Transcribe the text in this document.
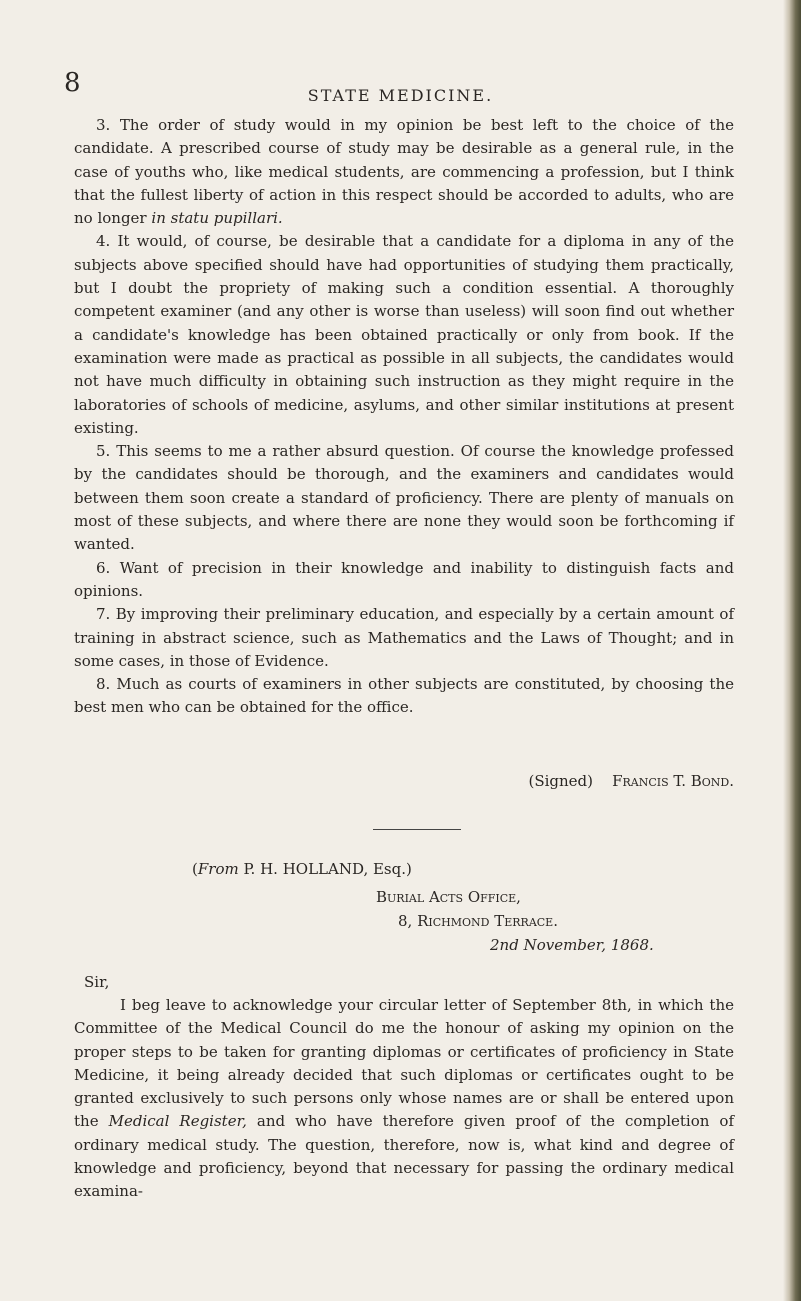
8	STATE MEDICINE.

3. The order of study would in my opinion be best left to the choice of the candidate. A prescribed course of study may be desirable as a general rule, in the case of youths who, like medical students, are commencing a profession, but I think that the fullest liberty of action in this respect should be accorded to adults, who are no longer in statu pupillari.

4. It would, of course, be desirable that a candidate for a diploma in any of the subjects above specified should have had opportunities of studying them practically, but I doubt the propriety of making such a condition essential. A thoroughly competent examiner (and any other is worse than useless) will soon find out whether a candidate's knowledge has been obtained practically or only from book. If the examination were made as practical as possible in all subjects, the candidates would not have much difficulty in obtaining such instruction as they might require in the laboratories of schools of medicine, asylums, and other similar institutions at present existing.

5. This seems to me a rather absurd question. Of course the knowledge professed by the candidates should be thorough, and the examiners and candidates would between them soon create a standard of proficiency. There are plenty of manuals on most of these subjects, and where there are none they would soon be forthcoming if wanted.

6. Want of precision in their knowledge and inability to distinguish facts and opinions.

7. By improving their preliminary education, and especially by a certain amount of training in abstract science, such as Mathematics and the Laws of Thought; and in some cases, in those of Evidence.

8. Much as courts of examiners in other subjects are constituted, by choosing the best men who can be obtained for the office.

(Signed) Francis T. Bond.
(From P. H. HOLLAND, Esq.)
Burial Acts Office,
8, Richmond Terrace.
2nd November, 1868.
Sir,

I beg leave to acknowledge your circular letter of September 8th, in which the Committee of the Medical Council do me the honour of asking my opinion on the proper steps to be taken for granting diplomas or certificates of proficiency in State Medicine, it being already decided that such diplomas or certificates ought to be granted exclusively to such persons only whose names are or shall be entered upon the Medical Register, and who have therefore given proof of the completion of ordinary medical study. The question, therefore, now is, what kind and degree of knowledge and proficiency, beyond that necessary for passing the ordinary medical examina-
